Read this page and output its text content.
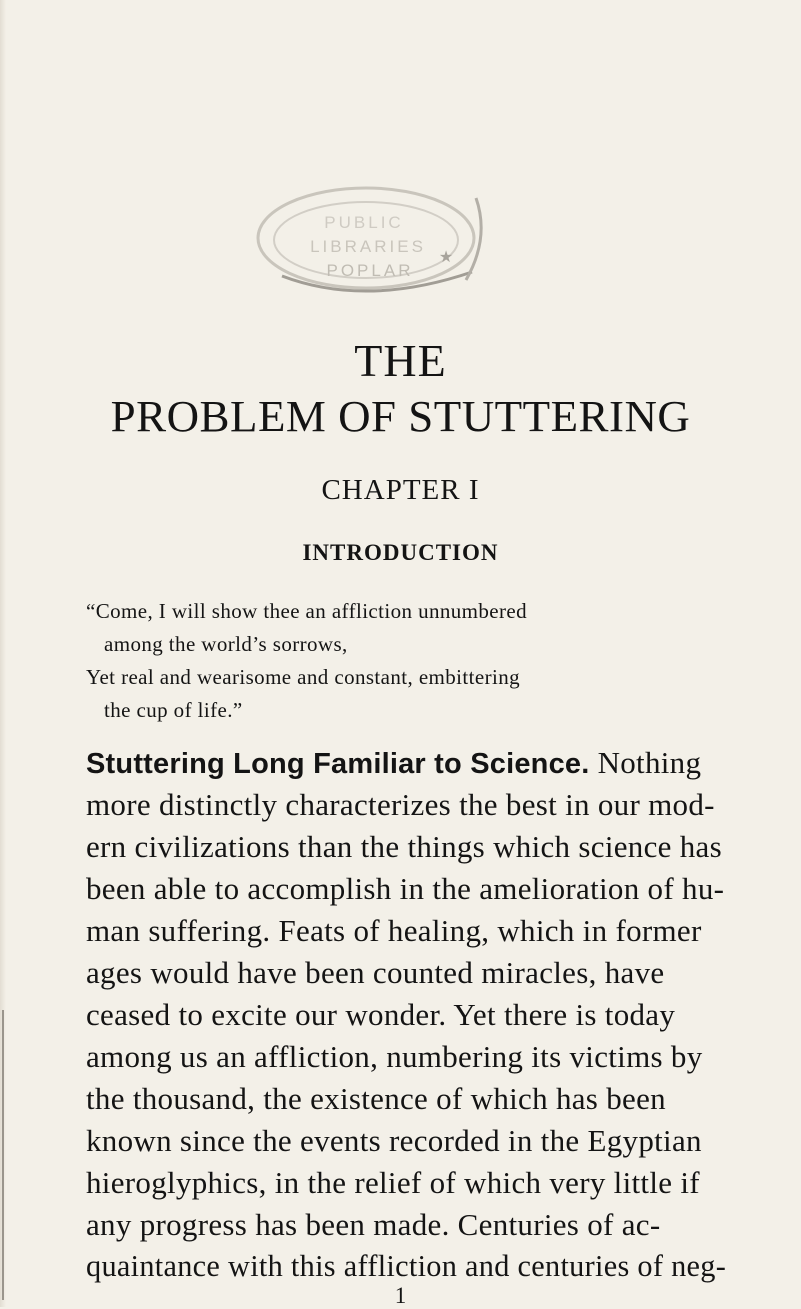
PUBLIC
LIBRARIES
POPLAR
★
THE
PROBLEM OF STUTTERING
CHAPTER I
INTRODUCTION
“Come, I will show thee an affliction unnumbered
among the world’s sorrows,
Yet real and wearisome and constant, embittering
the cup of life.”
Stuttering Long Familiar to Science. Nothing
more distinctly characterizes the best in our mod-
ern civilizations than the things which science has
been able to accomplish in the amelioration of hu-
man suffering. Feats of healing, which in former
ages would have been counted miracles, have
ceased to excite our wonder. Yet there is today
among us an affliction, numbering its victims by
the thousand, the existence of which has been
known since the events recorded in the Egyptian
hieroglyphics, in the relief of which very little if
any progress has been made. Centuries of ac-
quaintance with this affliction and centuries of neg-
1
